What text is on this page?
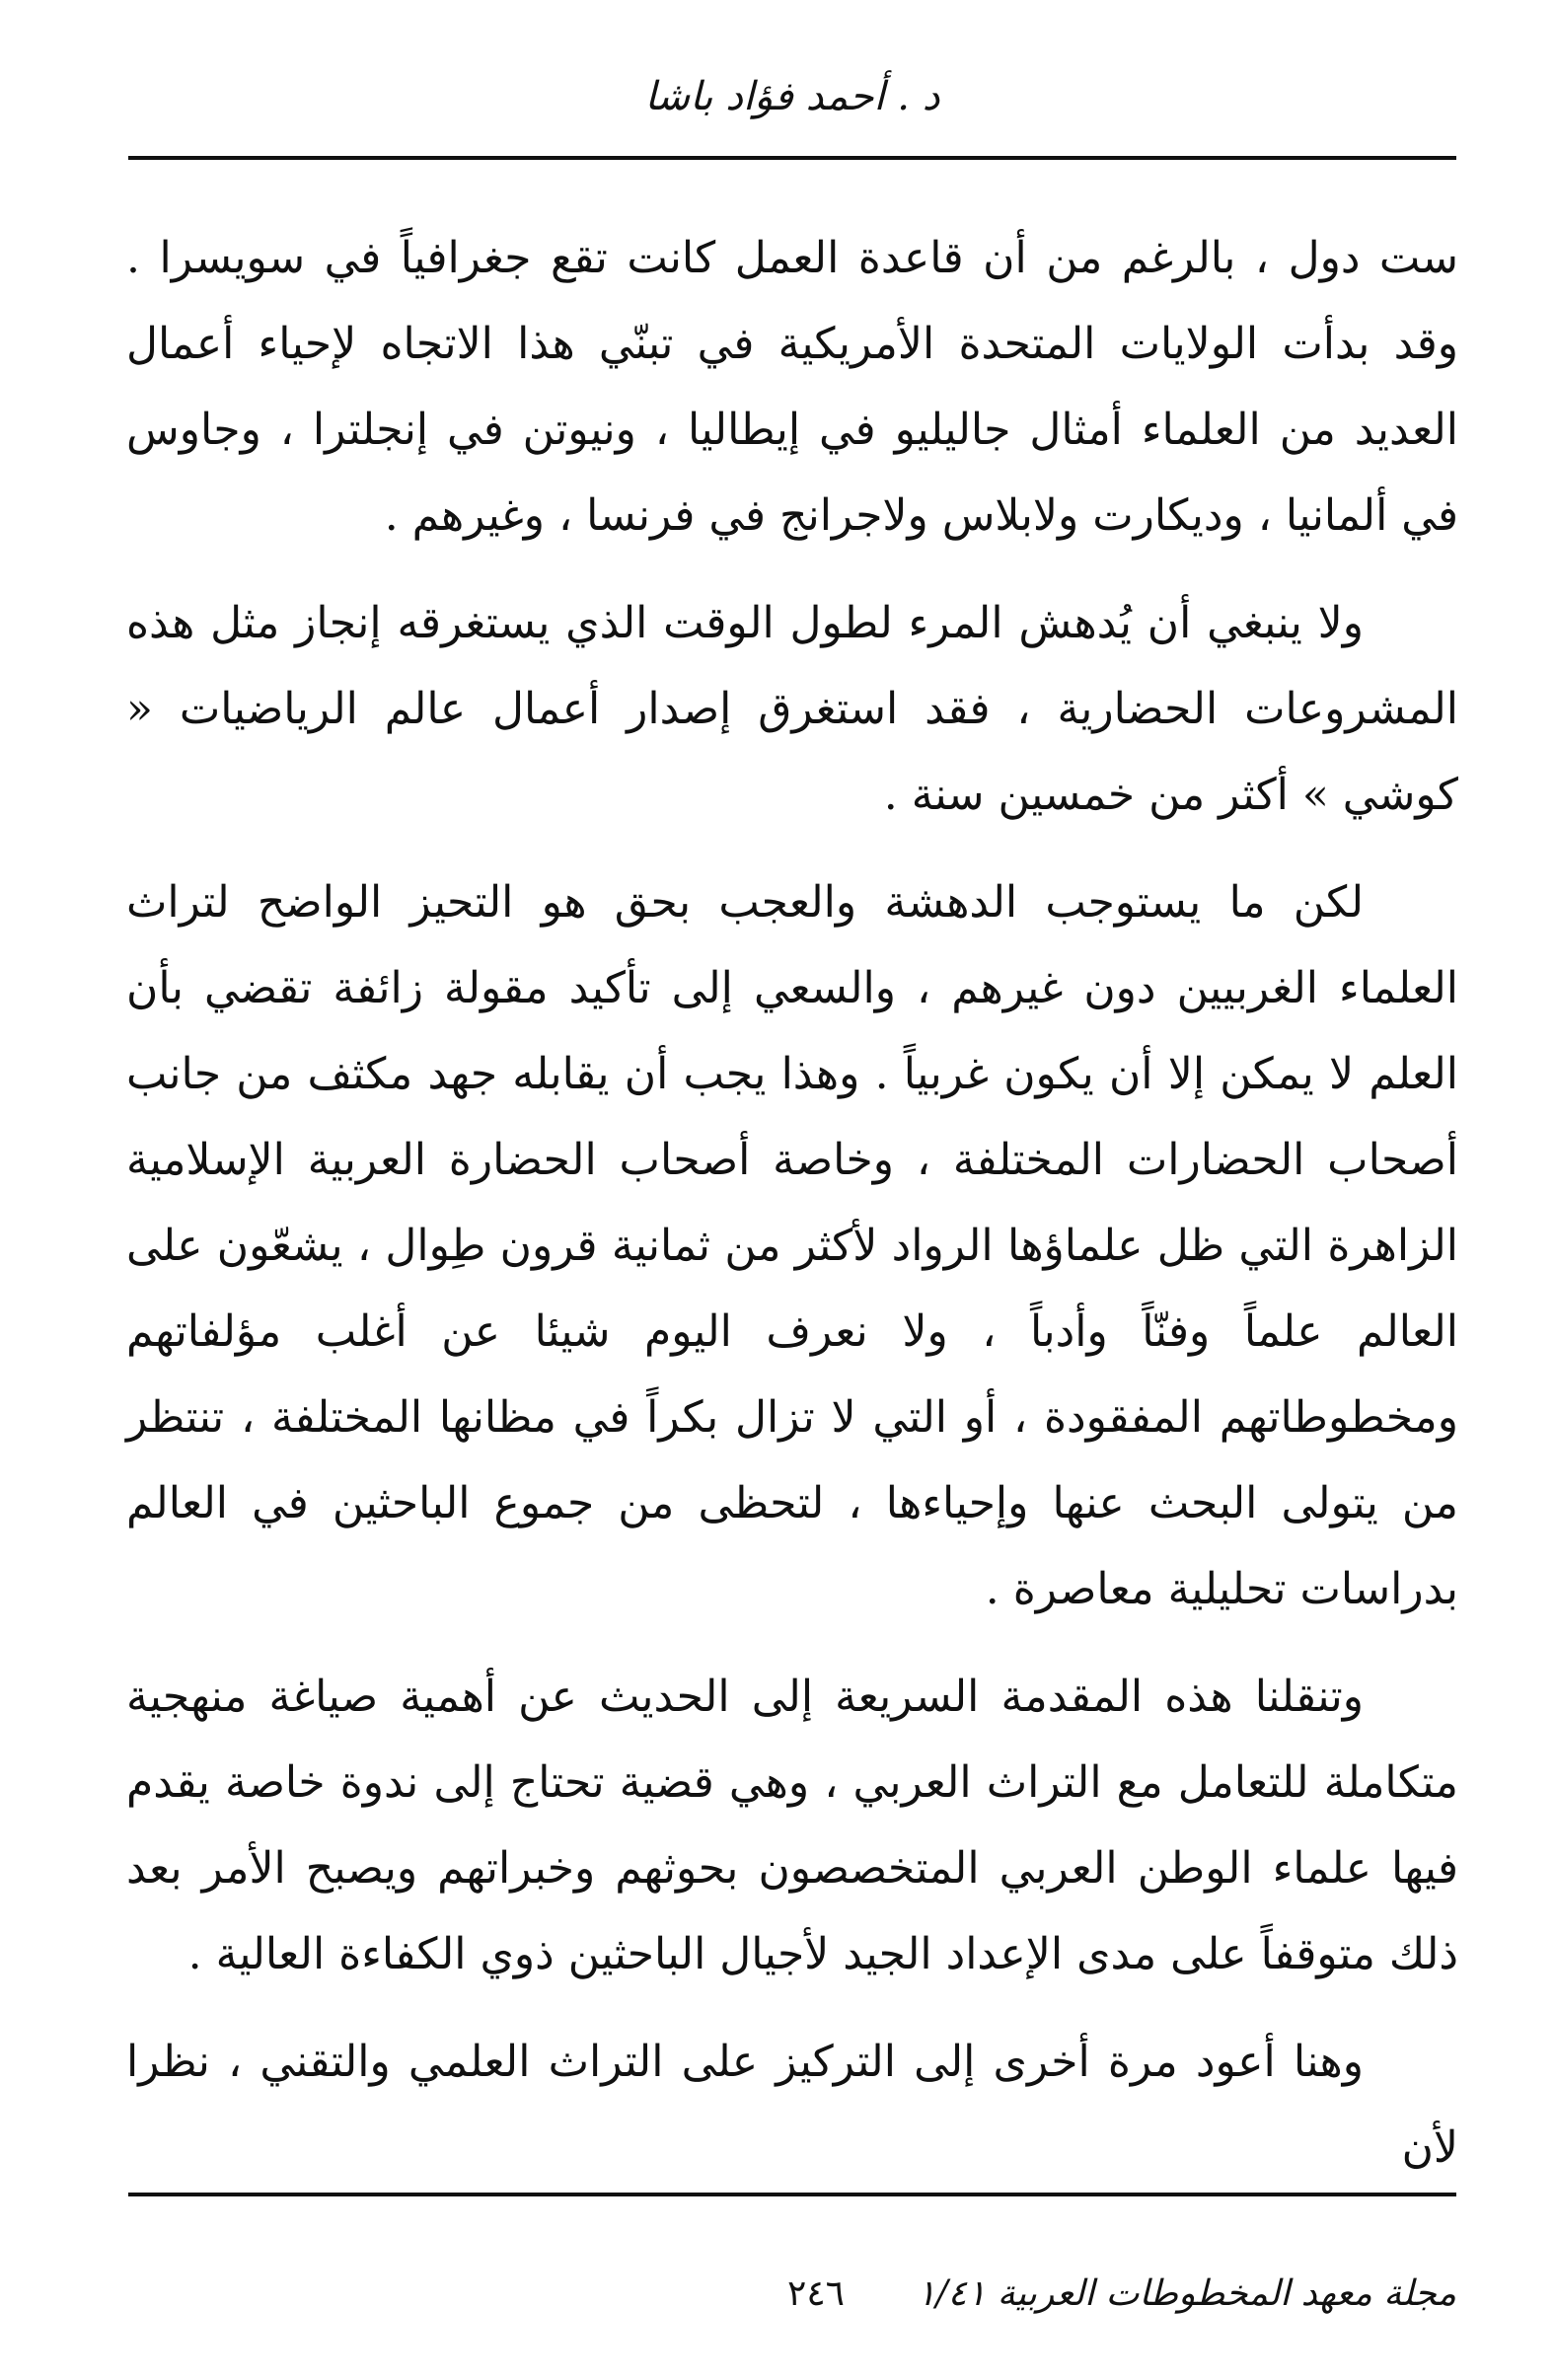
د . أحمد فؤاد باشا

ست دول ، بالرغم من أن قاعدة العمل كانت تقع جغرافياً في سويسرا . وقد بدأت الولايات المتحدة الأمريكية في تبنّي هذا الاتجاه لإحياء أعمال العديد من العلماء أمثال جاليليو في إيطاليا ، ونيوتن في إنجلترا ، وجاوس في ألمانيا ، وديكارت ولابلاس ولاجرانج في فرنسا ، وغيرهم .

ولا ينبغي أن يُدهش المرء لطول الوقت الذي يستغرقه إنجاز مثل هذه المشروعات الحضارية ، فقد استغرق إصدار أعمال عالم الرياضيات « كوشي » أكثر من خمسين سنة .

لكن ما يستوجب الدهشة والعجب بحق هو التحيز الواضح لتراث العلماء الغربيين دون غيرهم ، والسعي إلى تأكيد مقولة زائفة تقضي بأن العلم لا يمكن إلا أن يكون غربياً . وهذا يجب أن يقابله جهد مكثف من جانب أصحاب الحضارات المختلفة ، وخاصة أصحاب الحضارة العربية الإسلامية الزاهرة التي ظل علماؤها الرواد لأكثر من ثمانية قرون طِوال ، يشعّون على العالم علماً وفنّاً وأدباً ، ولا نعرف اليوم شيئا عن أغلب مؤلفاتهم ومخطوطاتهم المفقودة ، أو التي لا تزال بكراً في مظانها المختلفة ، تنتظر من يتولى البحث عنها وإحياءها ، لتحظى من جموع الباحثين في العالم بدراسات تحليلية معاصرة .

وتنقلنا هذه المقدمة السريعة إلى الحديث عن أهمية صياغة منهجية متكاملة للتعامل مع التراث العربي ، وهي قضية تحتاج إلى ندوة خاصة يقدم فيها علماء الوطن العربي المتخصصون بحوثهم وخبراتهم ويصبح الأمر بعد ذلك متوقفاً على مدى الإعداد الجيد لأجيال الباحثين ذوي الكفاءة العالية .

وهنا أعود مرة أخرى إلى التركيز على التراث العلمي والتقني ، نظرا لأن

مجلة معهد المخطوطات العربية ١/٤١
٢٤٦
